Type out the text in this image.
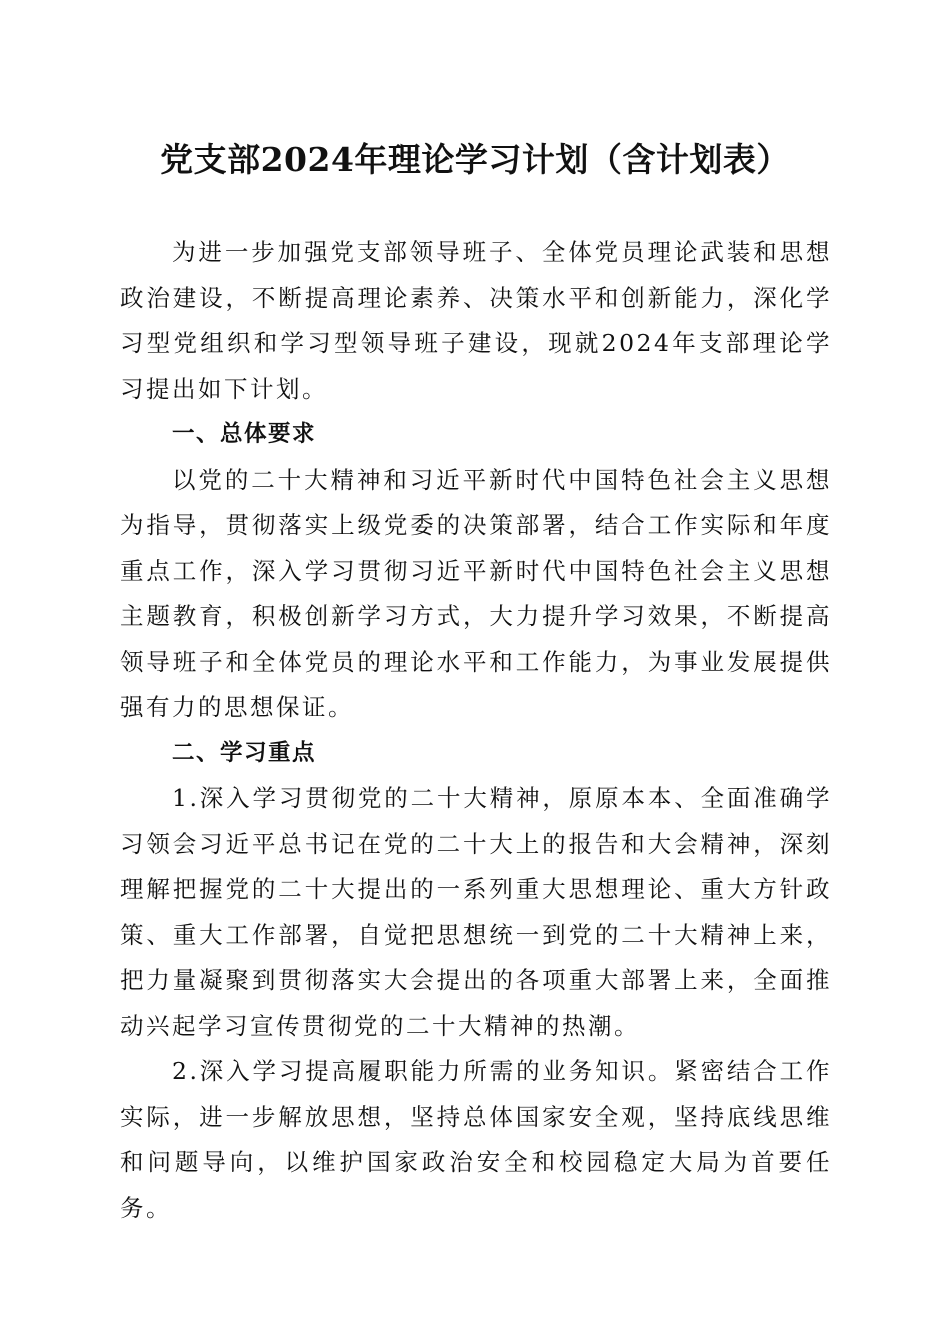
党支部2024年理论学习计划（含计划表）

为进一步加强党支部领导班子、全体党员理论武装和思想政治建设，不断提高理论素养、决策水平和创新能力，深化学习型党组织和学习型领导班子建设，现就2024年支部理论学习提出如下计划。

一、总体要求

以党的二十大精神和习近平新时代中国特色社会主义思想为指导，贯彻落实上级党委的决策部署，结合工作实际和年度重点工作，深入学习贯彻习近平新时代中国特色社会主义思想主题教育，积极创新学习方式，大力提升学习效果，不断提高领导班子和全体党员的理论水平和工作能力，为事业发展提供强有力的思想保证。

二、学习重点

1.深入学习贯彻党的二十大精神，原原本本、全面准确学习领会习近平总书记在党的二十大上的报告和大会精神，深刻理解把握党的二十大提出的一系列重大思想理论、重大方针政策、重大工作部署，自觉把思想统一到党的二十大精神上来，把力量凝聚到贯彻落实大会提出的各项重大部署上来，全面推动兴起学习宣传贯彻党的二十大精神的热潮。

2.深入学习提高履职能力所需的业务知识。紧密结合工作实际，进一步解放思想，坚持总体国家安全观，坚持底线思维和问题导向，以维护国家政治安全和校园稳定大局为首要任务。
